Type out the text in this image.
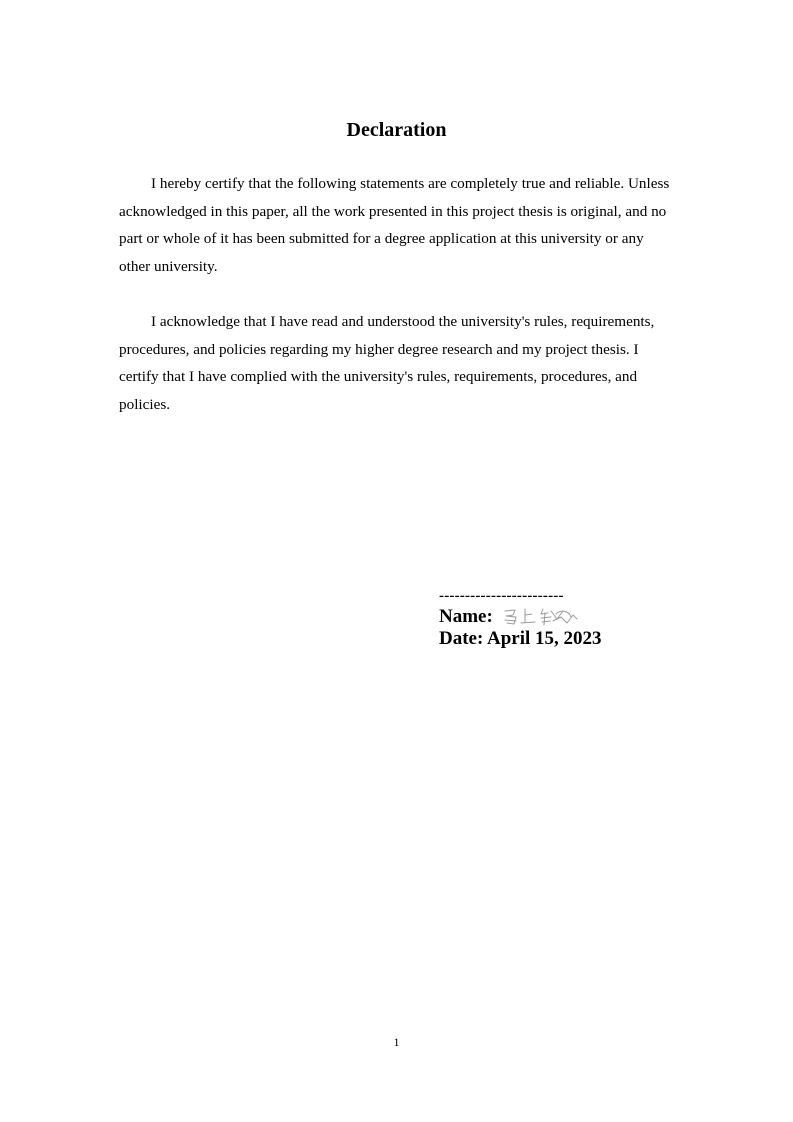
Declaration
I hereby certify that the following statements are completely true and reliable. Unless acknowledged in this paper, all the work presented in this project thesis is original, and no part or whole of it has been submitted for a degree application at this university or any other university.
I acknowledge that I have read and understood the university's rules, requirements, procedures, and policies regarding my higher degree research and my project thesis. I certify that I have complied with the university's rules, requirements, procedures, and policies.
------------------------
Name:
Date: April 15, 2023
1
